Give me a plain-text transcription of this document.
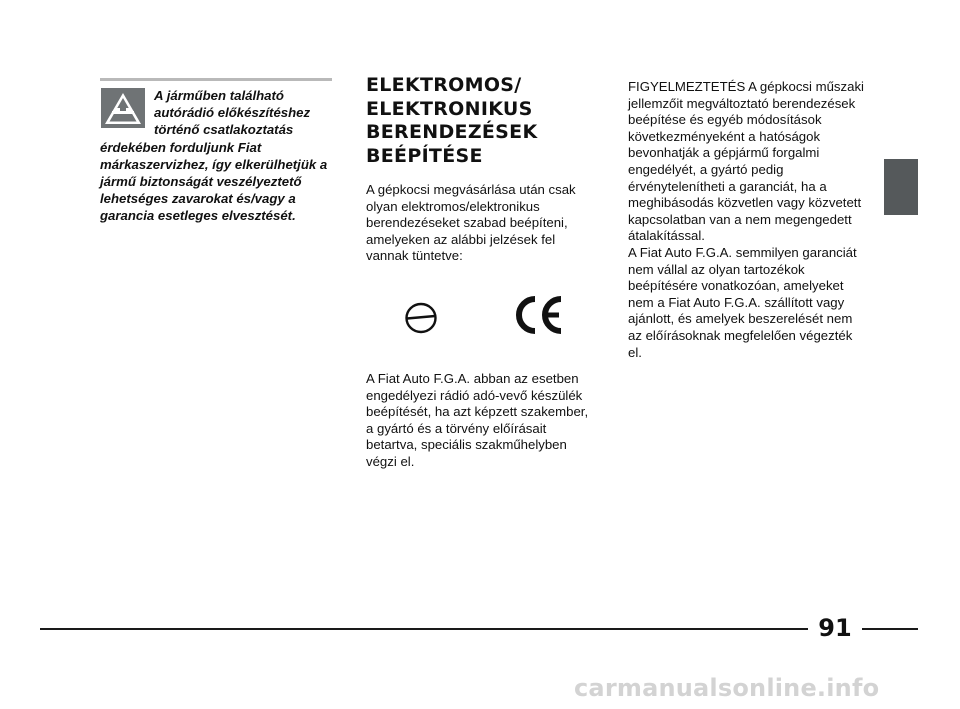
A járműben található autórádió előkészítéshez történő csatlakoztatás
érdekében forduljunk Fiat márkaszervizhez, így elkerülhetjük a jármű biztonságát veszélyeztető lehetséges zavarokat és/vagy a garancia esetleges elvesztését.
ELEKTROMOS/
ELEKTRONIKUS
BERENDEZÉSEK
BEÉPÍTÉSE

A gépkocsi megvásárlása után csak olyan elektromos/elektronikus berendezéseket szabad beépíteni, amelyeken az alábbi jelzések fel vannak tüntetve:

A Fiat Auto F.G.A. abban az esetben engedélyezi rádió adó-vevő készülék beépítését, ha azt képzett szakember, a gyártó és a törvény előírásait betartva, speciális szakműhelyben végzi el.

FIGYELMEZTETÉS A gépkocsi műszaki jellemzőit megváltoztató berendezések beépítése és egyéb módosítások következményeként a hatóságok bevonhatják a gépjármű forgalmi engedélyét, a gyártó pedig érvénytelenítheti a garanciát, ha a meghibásodás közvetlen vagy közvetett kapcsolatban van a nem megengedett átalakítással.

A Fiat Auto F.G.A. semmilyen garanciát nem vállal az olyan tartozékok beépítésére vonatkozóan, amelyeket nem a Fiat Auto F.G.A. szállított vagy ajánlott, és amelyek beszerelését nem az előírásoknak megfelelően végezték el.

91
carmanualsonline.info
